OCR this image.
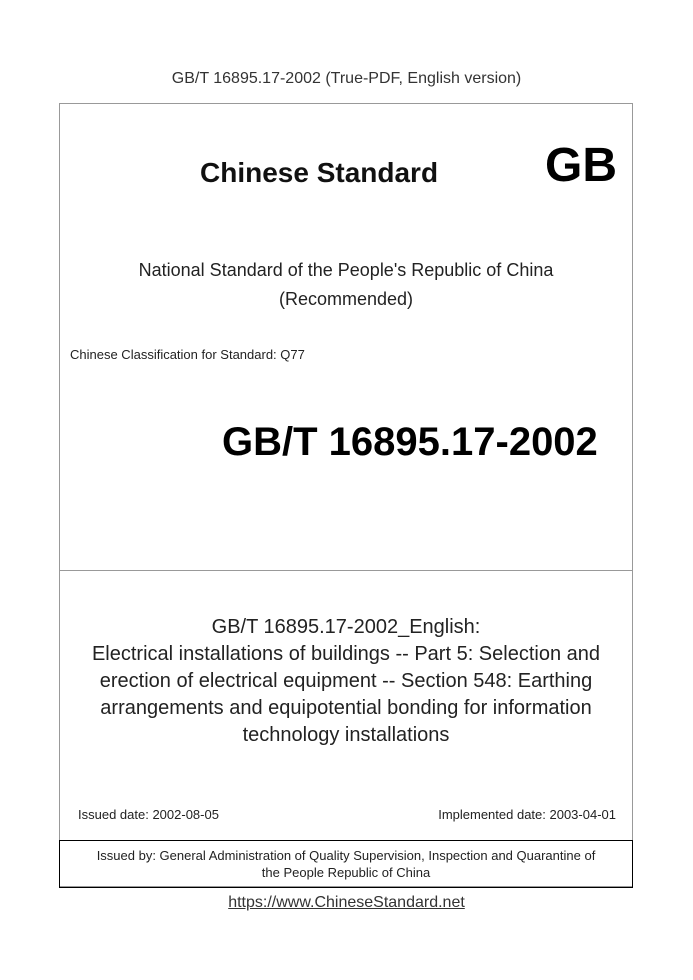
GB/T 16895.17-2002 (True-PDF, English version)
Chinese Standard GB
National Standard of the People's Republic of China
(Recommended)
Chinese Classification for Standard: Q77
GB/T 16895.17-2002
GB/T 16895.17-2002_English:
Electrical installations of buildings -- Part 5: Selection and
erection of electrical equipment -- Section 548: Earthing
arrangements and equipotential bonding for information
technology installations
Issued date: 2002-08-05	Implemented date: 2003-04-01
Issued by: General Administration of Quality Supervision, Inspection and Quarantine of
the People Republic of China
https://www.ChineseStandard.net
